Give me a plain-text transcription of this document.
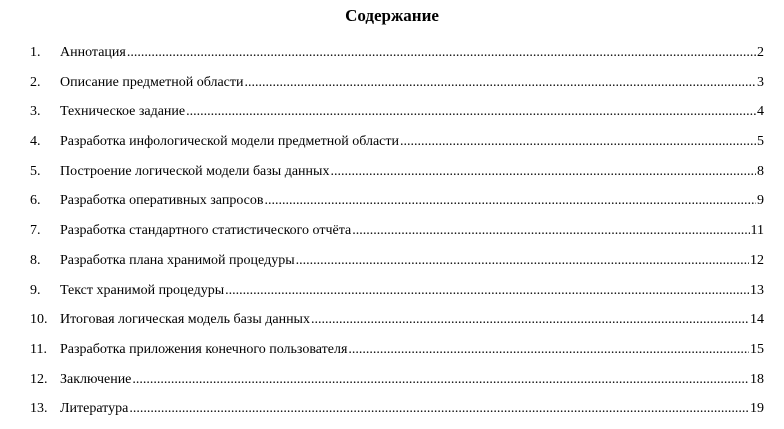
Содержание
1.	Аннотация .....	2
2.	Описание предметной области .....	3
3.	Техническое задание .....	4
4.	Разработка инфологической модели предметной области .....	5
5.	Построение логической модели базы данных .....	8
6.	Разработка оперативных запросов .....	9
7.	Разработка стандартного статистического отчёта .....	11
8.	Разработка плана хранимой процедуры .....	12
9.	Текст хранимой процедуры .....	13
10. Итоговая логическая модель базы данных .....	14
11. Разработка приложения конечного пользователя .....	15
12. Заключение .....	18
13. Литература .....	19
